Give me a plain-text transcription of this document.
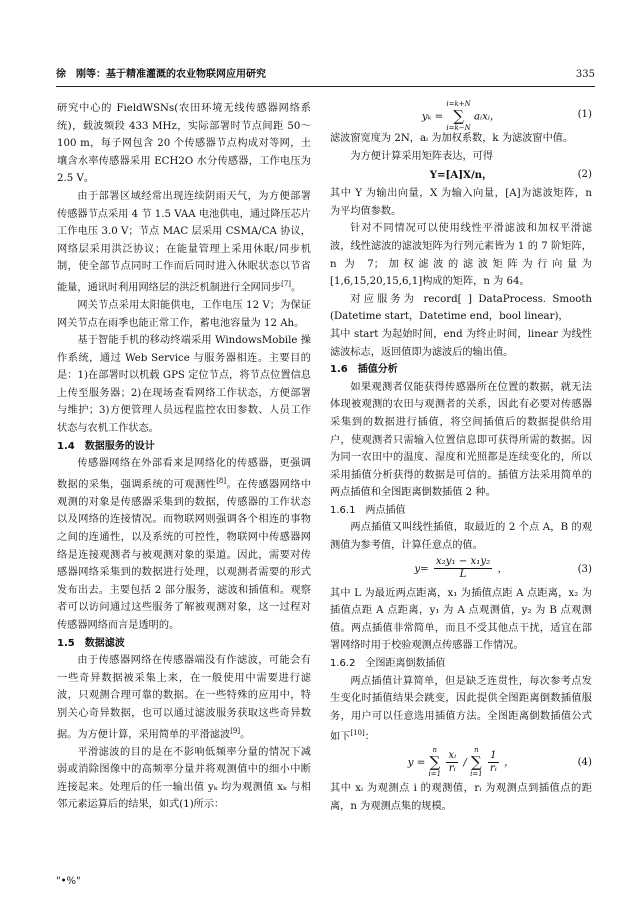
徐　刚等：基于精准灌溉的农业物联网应用研究	335

研究中心的 FieldWSNs(农田环境无线传感器网络系统)，载波频段 433 MHz，实际部署时节点间距 50～100 m，每子网包含 20 个传感器节点构成对等网，土壤含水率传感器采用 ECH2O 水分传感器，工作电压为 2.5 V。

由于部署区域经常出现连续阴雨天气，为方便部署传感器节点采用 4 节 1.5 VAA 电池供电，通过降压芯片工作电压 3.0 V；节点 MAC 层采用 CSMA/CA 协议，网络层采用洪泛协议；在能量管理上采用休眠/同步机制，使全部节点同时工作而后同时进入休眠状态以节省能量，通讯时利用网络层的洪泛机制进行全网同步[7]。

网关节点采用太阳能供电，工作电压 12 V；为保证网关节点在雨季也能正常工作，蓄电池容量为 12 Ah。

基于智能手机的移动终端采用 WindowsMobile 操作系统，通过 Web Service 与服务器相连。主要目的是：1)在部署时以机载 GPS 定位节点，将节点位置信息上传至服务器；2)在现场查看网络工作状态，方便部署与维护；3)方便管理人员远程监控农田参数、人员工作状态与农机工作状态。

1.4　数据服务的设计

传感器网络在外部看来是网络化的传感器，更强调数据的采集，强调系统的可观测性[8]。在传感器网络中观测的对象是传感器采集到的数据，传感器的工作状态以及网络的连接情况。而物联网则强调各个相连的事物之间的连通性，以及系统的可控性，物联网中传感器网络是连接观测者与被观测对象的渠道。因此，需要对传感器网络采集到的数据进行处理，以观测者需要的形式发布出去。主要包括 2 部分服务，滤波和插值和。观察者可以访问通过这些服务了解被观测对象，这一过程对传感器网络而言是透明的。

1.5　数据滤波

由于传感器网络在传感器端没有作滤波，可能会有一些奇异数据被采集上来，在一般使用中需要进行滤波，只观测合理可靠的数据。在一些特殊的应用中，特别关心奇异数据，也可以通过滤波服务获取这些奇异数据。为方便计算，采用简单的平滑滤波[9]。

平滑滤波的目的是在不影响低频率分量的情况下减弱或消除图像中的高频率分量并将观测值中的细小中断连接起来。处理后的任一输出值 yₖ 均为观测值 xₖ 与相邻元素运算后的结果，如式(1)所示：

yₖ =
i=k+N
∑
i=k−N
aᵢxᵢ，	(1)

滤波窗宽度为 2N，aᵢ 为加权系数，k 为滤波窗中值。

为方便计算采用矩阵表达，可得

Y=[A]X/n，	(2)

其中 Y 为输出向量，X 为输入向量，[A]为滤波矩阵，n 为平均值参数。

针对不同情况可以使用线性平滑滤波和加权平滑滤波，线性滤波的滤波矩阵为行列元素皆为 1 的 7 阶矩阵，n 为 7；加权滤波的滤波矩阵为行向量为[1,6,15,20,15,6,1]构成的矩阵，n 为 64。

对应服务为 record[ ] DataProcess. Smooth (Datetime start，Datetime end，bool linear)，

其中 start 为起始时间，end 为终止时间，linear 为线性滤波标志，返回值即为滤波后的输出值。

1.6　插值分析

如果观测者仅能获得传感器所在位置的数据，就无法体现被观测的农田与观测者的关系，因此有必要对传感器采集到的数据进行插值，将空间插值后的数据提供给用户，使观测者只需输入位置信息即可获得所需的数据。因为同一农田中的温度、湿度和光照都是连续变化的，所以采用插值分析获得的数据是可信的。插值方法采用简单的两点插值和全图距离倒数插值 2 种。

1.6.1　两点插值

两点插值又叫线性插值，取最近的 2 个点 A，B 的观测值为参考值，计算任意点的值。

$y= \frac{\text{x₂y₁ − x₁y₂}}{L}$ ，	(3)

其中 L 为最近两点距离，x₁ 为插值点距 A 点距离，x₂ 为插值点距 A 点距离，y₁ 为 A 点观测值，y₂ 为 B 点观测值。两点插值非常简单，而且不受其他点干扰，适宜在部署网络时用于校验观测点传感器工作情况。

1.6.2　全图距离倒数插值

两点插值计算简单，但是缺乏连贯性，每次参考点发生变化时插值结果会跳变，因此提供全图距离倒数插值服务，用户可以任意选用插值方法。全图距离倒数插值公式如下[10]：

y =
n
∑
i=1
$\frac{\text{xᵢ}}{\text{rᵢ}}$ /
n
∑
i=1
$\frac{1}{\text{rᵢ}}$ ，	(4)

其中 xᵢ 为观测点 i 的观测值，rᵢ 为观测点到插值点的距离，n 为观测点集的规模。

"•%"
